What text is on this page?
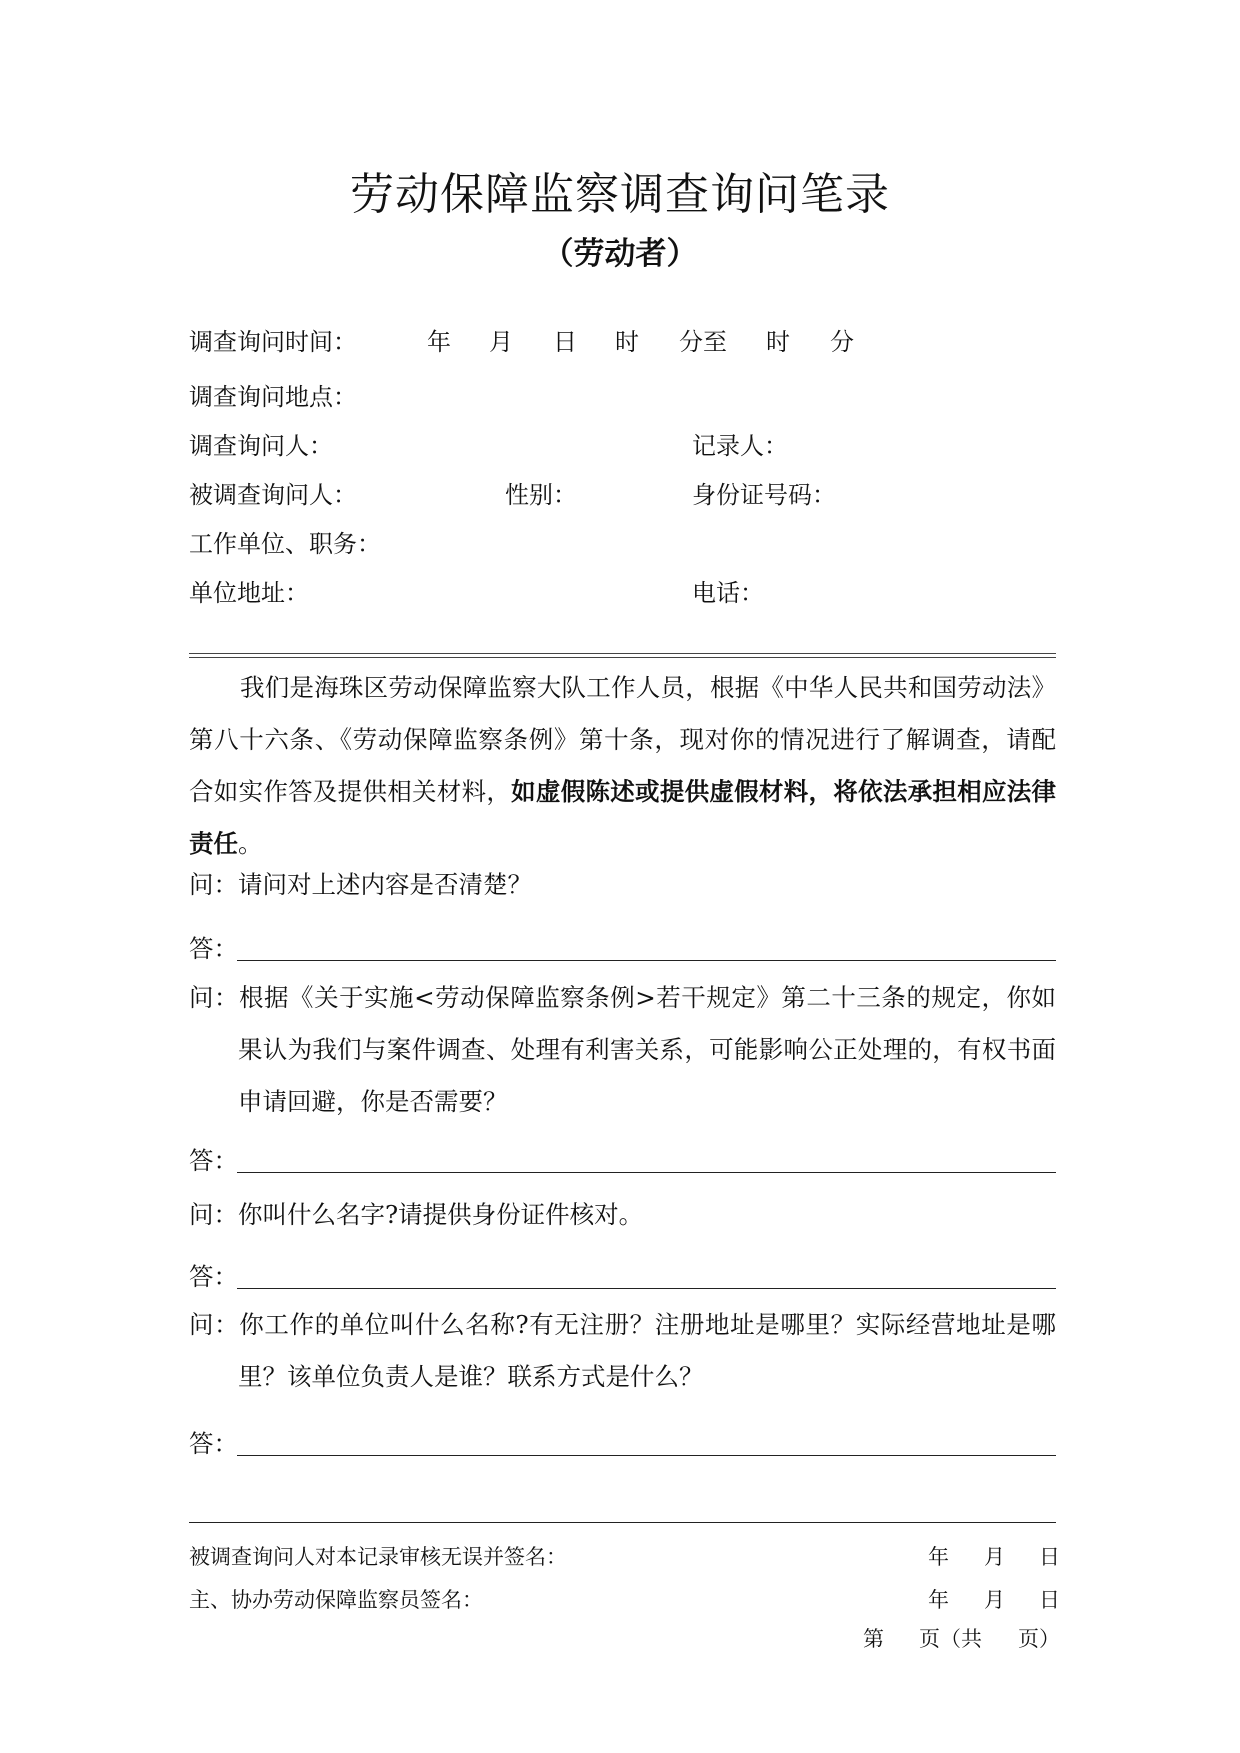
劳动保障监察调查询问笔录
（劳动者）
调查询问时间：	年 月 日 时 分至 时 分
调查询问地点：
调查询问人：	记录人：
被调查询问人：	性别：	身份证号码：
工作单位、职务：
单位地址：	电话：
我们是海珠区劳动保障监察大队工作人员，根据《中华人民共和国劳动法》第八十六条、《劳动保障监察条例》第十条，现对你的情况进行了解调查，请配合如实作答及提供相关材料，如虚假陈述或提供虚假材料，将依法承担相应法律责任。
问：请问对上述内容是否清楚？
答：
问：根据《关于实施<劳动保障监察条例>若干规定》第二十三条的规定，你如果认为我们与案件调查、处理有利害关系，可能影响公正处理的，有权书面申请回避，你是否需要？
答：
问：你叫什么名字?请提供身份证件核对。
答：
问：你工作的单位叫什么名称?有无注册？注册地址是哪里？实际经营地址是哪里？该单位负责人是谁？联系方式是什么？
答：
被调查询问人对本记录审核无误并签名：	年 月 日
主、协办劳动保障监察员签名：	年 月 日
第 页（共 页）
